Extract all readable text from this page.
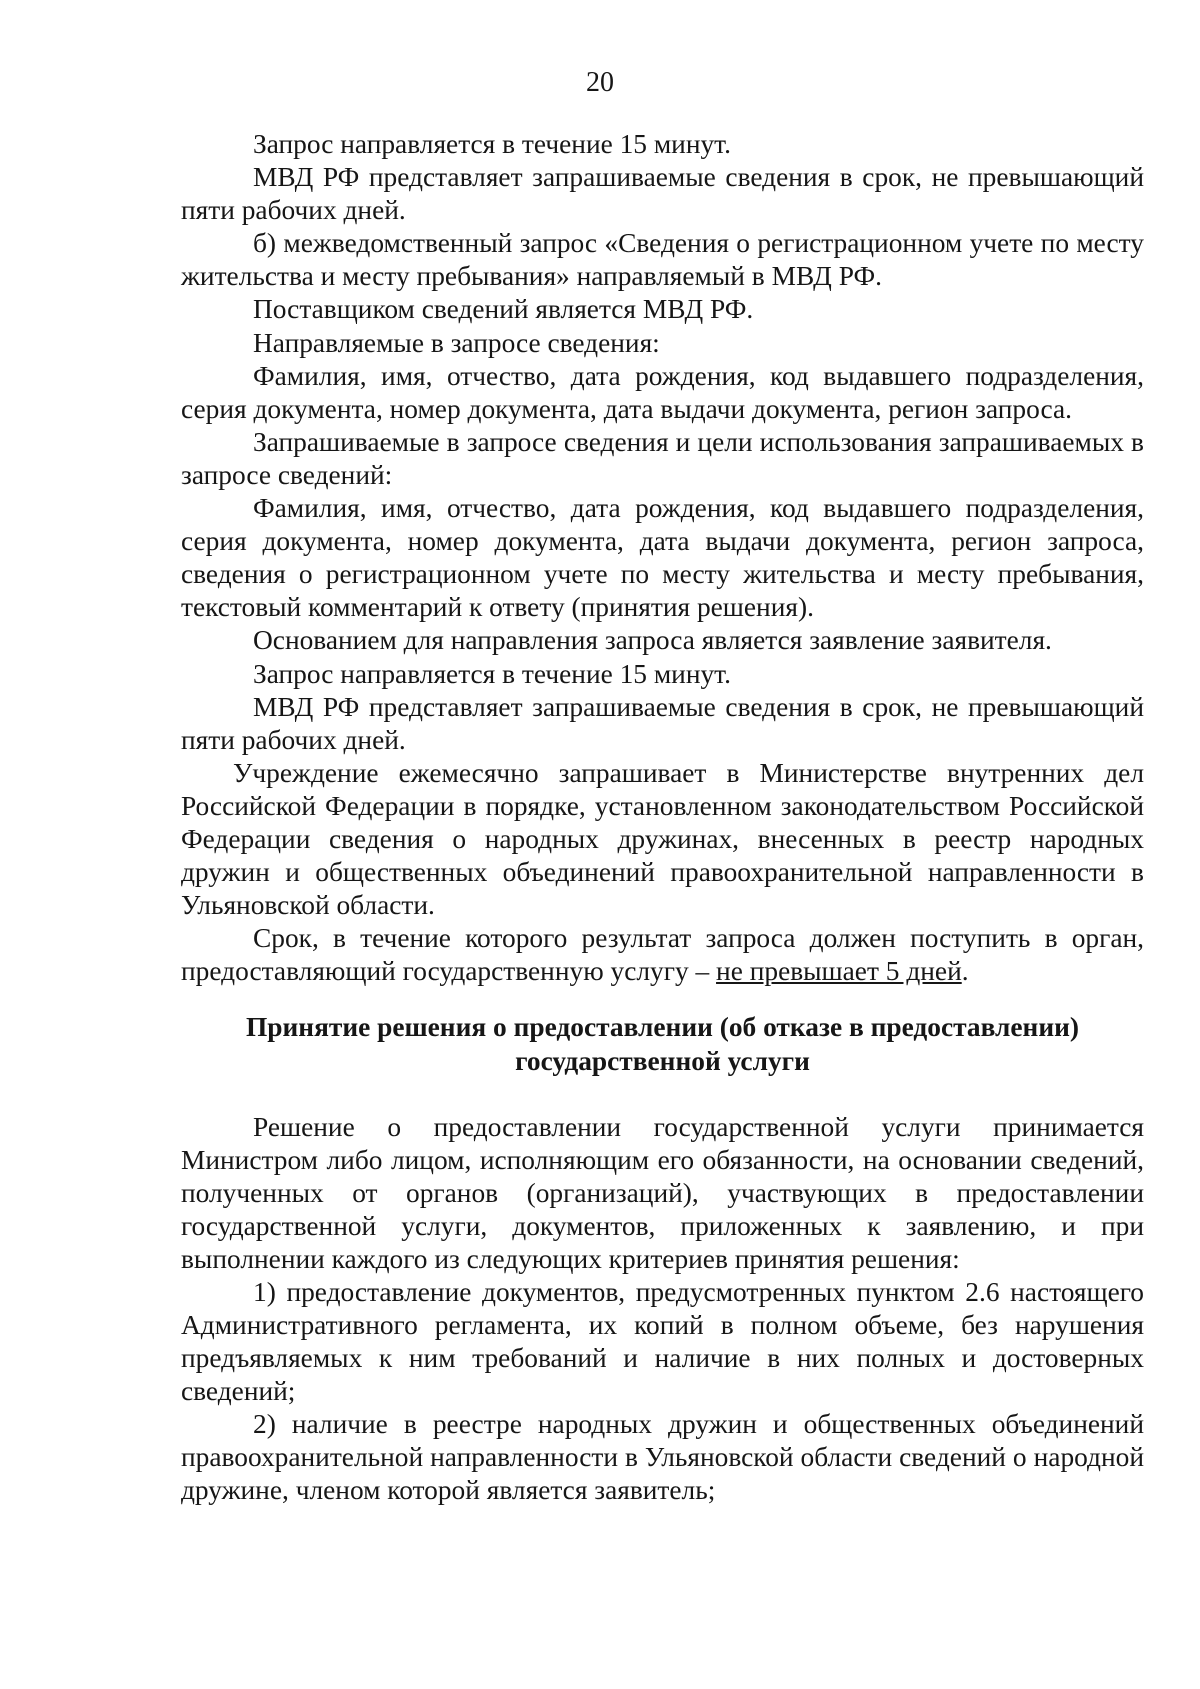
20

Запрос направляется в течение 15 минут.

МВД РФ представляет запрашиваемые сведения в срок, не превышающий пяти рабочих дней.

б) межведомственный запрос «Сведения о регистрационном учете по месту жительства и месту пребывания» направляемый в МВД РФ.

Поставщиком сведений является МВД РФ.

Направляемые в запросе сведения:

Фамилия, имя, отчество, дата рождения, код выдавшего подразделения, серия документа, номер документа, дата выдачи документа, регион запроса.

Запрашиваемые в запросе сведения и цели использования запрашиваемых в запросе сведений:

Фамилия, имя, отчество, дата рождения, код выдавшего подразделения, серия документа, номер документа, дата выдачи документа, регион запроса, сведения о регистрационном учете по месту жительства и месту пребывания, текстовый комментарий к ответу (принятия решения).

Основанием для направления запроса является заявление заявителя.

Запрос направляется в течение 15 минут.

МВД РФ представляет запрашиваемые сведения в срок, не превышающий пяти рабочих дней.

Учреждение ежемесячно запрашивает в Министерстве внутренних дел Российской Федерации в порядке, установленном законодательством Российской Федерации сведения о народных дружинах, внесенных в реестр народных дружин и общественных объединений правоохранительной направленности в Ульяновской области.

Срок, в течение которого результат запроса должен поступить в орган, предоставляющий государственную услугу – не превышает 5 дней.

Принятие решения о предоставлении (об отказе в предоставлении)
государственной услуги

Решение о предоставлении государственной услуги принимается Министром либо лицом, исполняющим его обязанности, на основании сведений, полученных от органов (организаций), участвующих в предоставлении государственной услуги, документов, приложенных к заявлению, и при выполнении каждого из следующих критериев принятия решения:

1) предоставление документов, предусмотренных пунктом 2.6 настоящего Административного регламента, их копий в полном объеме, без нарушения предъявляемых к ним требований и наличие в них полных и достоверных сведений;

2) наличие в реестре народных дружин и общественных объединений правоохранительной направленности в Ульяновской области сведений о народной дружине, членом которой является заявитель;
